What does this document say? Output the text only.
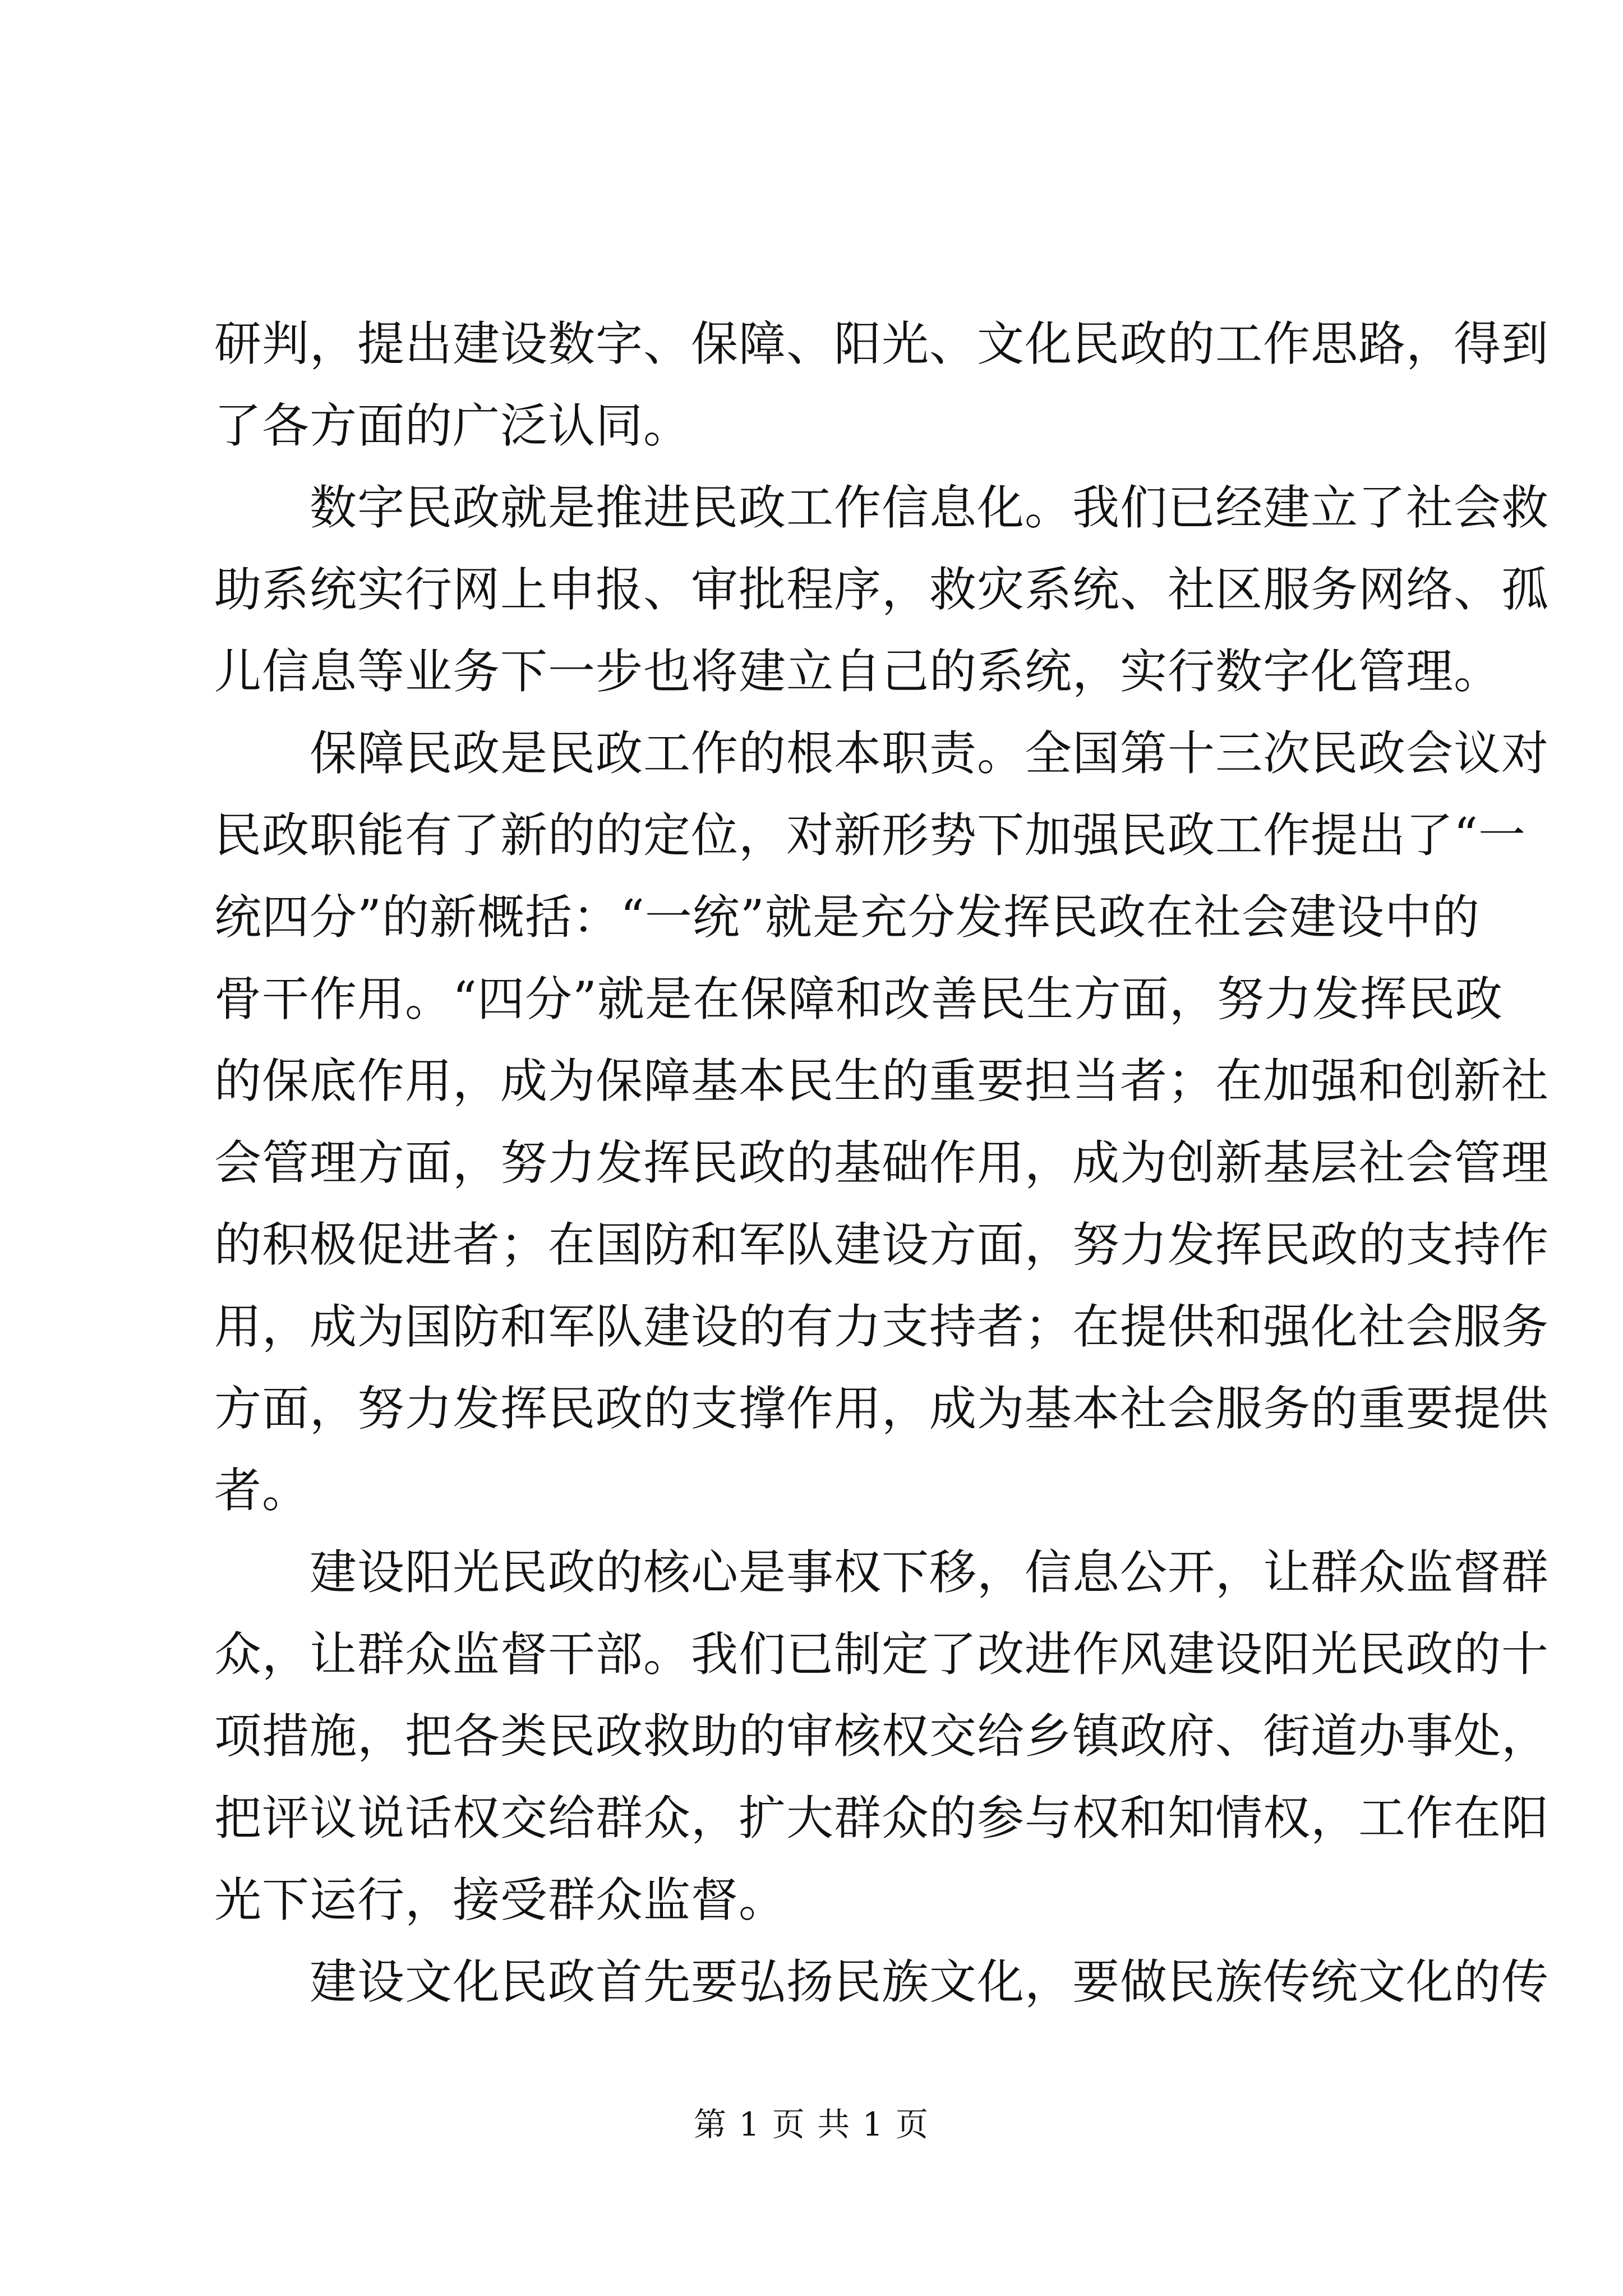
研判，提出建设数字、保障、阳光、文化民政的工作思路，得到
了各方面的广泛认同。
　　数字民政就是推进民政工作信息化。我们已经建立了社会救
助系统实行网上申报、审批程序，救灾系统、社区服务网络、孤
儿信息等业务下一步也将建立自己的系统，实行数字化管理。
　　保障民政是民政工作的根本职责。全国第十三次民政会议对
民政职能有了新的的定位，对新形势下加强民政工作提出了“一
统四分”的新概括：“一统”就是充分发挥民政在社会建设中的
骨干作用。“四分”就是在保障和改善民生方面，努力发挥民政
的保底作用，成为保障基本民生的重要担当者；在加强和创新社
会管理方面，努力发挥民政的基础作用，成为创新基层社会管理
的积极促进者；在国防和军队建设方面，努力发挥民政的支持作
用，成为国防和军队建设的有力支持者；在提供和强化社会服务
方面，努力发挥民政的支撑作用，成为基本社会服务的重要提供
者。
　　建设阳光民政的核心是事权下移，信息公开，让群众监督群
众，让群众监督干部。我们已制定了改进作风建设阳光民政的十
项措施，把各类民政救助的审核权交给乡镇政府、街道办事处，
把评议说话权交给群众，扩大群众的参与权和知情权，工作在阳
光下运行，接受群众监督。
　　建设文化民政首先要弘扬民族文化，要做民族传统文化的传
第 1 页 共 1 页
